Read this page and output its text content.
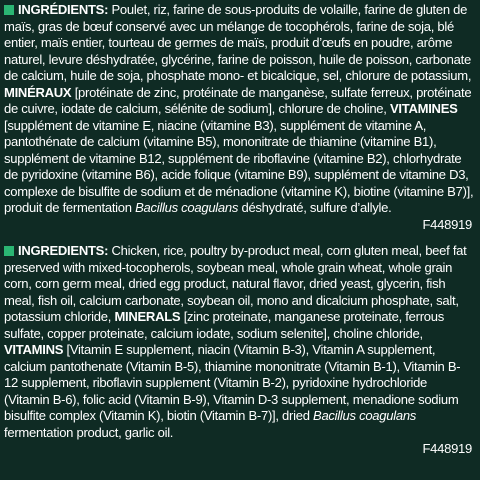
INGRÉDIENTS: Poulet, riz, farine de sous-produits de volaille, farine de gluten de maïs, gras de bœuf conservé avec un mélange de tocophérols, farine de soja, blé entier, maïs entier, tourteau de germes de maïs, produit d’œufs en poudre, arôme naturel, levure déshydratée, glycérine, farine de poisson, huile de poisson, carbonate de calcium, huile de soja, phosphate mono- et bicalcique, sel, chlorure de potassium, MINÉRAUX [protéinate de zinc, protéinate de manganèse, sulfate ferreux, protéinate de cuivre, iodate de calcium, sélénite de sodium], chlorure de choline, VITAMINES [supplément de vitamine E, niacine (vitamine B3), supplément de vitamine A, pantothénate de calcium (vitamine B5), mononitrate de thiamine (vitamine B1), supplément de vitamine B12, supplément de riboflavine (vitamine B2), chlorhydrate de pyridoxine (vitamine B6), acide folique (vitamine B9), supplément de vitamine D3, complexe de bisulfite de sodium et de ménadione (vitamine K), biotine (vitamine B7)], produit de fermentation Bacillus coagulans déshydraté, sulfure d’allyle.

F448919

INGREDIENTS: Chicken, rice, poultry by-product meal, corn gluten meal, beef fat preserved with mixed-tocopherols, soybean meal, whole grain wheat, whole grain corn, corn germ meal, dried egg product, natural flavor, dried yeast, glycerin, fish meal, fish oil, calcium carbonate, soybean oil, mono and dicalcium phosphate, salt, potassium chloride, MINERALS [zinc proteinate, manganese proteinate, ferrous sulfate, copper proteinate, calcium iodate, sodium selenite], choline chloride, VITAMINS [Vitamin E supplement, niacin (Vitamin B-3), Vitamin A supplement, calcium pantothenate (Vitamin B-5), thiamine mononitrate (Vitamin B-1), Vitamin B-12 supplement, riboflavin supplement (Vitamin B-2), pyridoxine hydrochloride (Vitamin B-6), folic acid (Vitamin B-9), Vitamin D-3 supplement, menadione sodium bisulfite complex (Vitamin K), biotin (Vitamin B-7)], dried Bacillus coagulans fermentation product, garlic oil.

F448919
